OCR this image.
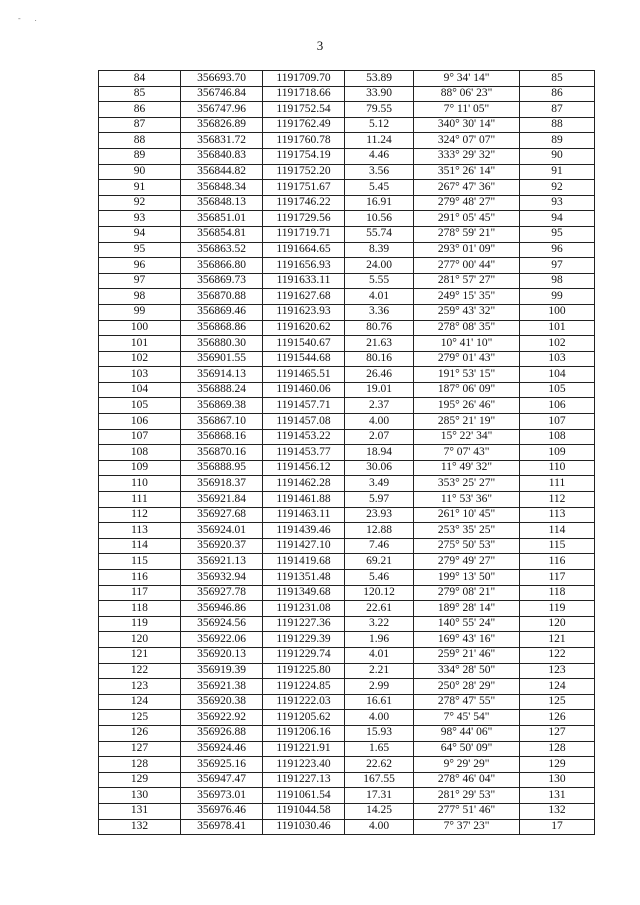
- .
3
84	356693.70	1191709.70	53.89	9° 34' 14"	85
85	356746.84	1191718.66	33.90	88° 06' 23"	86
86	356747.96	1191752.54	79.55	7° 11' 05"	87
87	356826.89	1191762.49	5.12	340° 30' 14"	88
88	356831.72	1191760.78	11.24	324° 07' 07"	89
89	356840.83	1191754.19	4.46	333° 29' 32"	90
90	356844.82	1191752.20	3.56	351° 26' 14"	91
91	356848.34	1191751.67	5.45	267° 47' 36"	92
92	356848.13	1191746.22	16.91	279° 48' 27"	93
93	356851.01	1191729.56	10.56	291° 05' 45"	94
94	356854.81	1191719.71	55.74	278° 59' 21"	95
95	356863.52	1191664.65	8.39	293° 01' 09"	96
96	356866.80	1191656.93	24.00	277° 00' 44"	97
97	356869.73	1191633.11	5.55	281° 57' 27"	98
98	356870.88	1191627.68	4.01	249° 15' 35"	99
99	356869.46	1191623.93	3.36	259° 43' 32"	100
100	356868.86	1191620.62	80.76	278° 08' 35"	101
101	356880.30	1191540.67	21.63	10° 41' 10"	102
102	356901.55	1191544.68	80.16	279° 01' 43"	103
103	356914.13	1191465.51	26.46	191° 53' 15"	104
104	356888.24	1191460.06	19.01	187° 06' 09"	105
105	356869.38	1191457.71	2.37	195° 26' 46"	106
106	356867.10	1191457.08	4.00	285° 21' 19"	107
107	356868.16	1191453.22	2.07	15° 22' 34"	108
108	356870.16	1191453.77	18.94	7° 07' 43"	109
109	356888.95	1191456.12	30.06	11° 49' 32"	110
110	356918.37	1191462.28	3.49	353° 25' 27"	111
111	356921.84	1191461.88	5.97	11° 53' 36"	112
112	356927.68	1191463.11	23.93	261° 10' 45"	113
113	356924.01	1191439.46	12.88	253° 35' 25"	114
114	356920.37	1191427.10	7.46	275° 50' 53"	115
115	356921.13	1191419.68	69.21	279° 49' 27"	116
116	356932.94	1191351.48	5.46	199° 13' 50"	117
117	356927.78	1191349.68	120.12	279° 08' 21"	118
118	356946.86	1191231.08	22.61	189° 28' 14"	119
119	356924.56	1191227.36	3.22	140° 55' 24"	120
120	356922.06	1191229.39	1.96	169° 43' 16"	121
121	356920.13	1191229.74	4.01	259° 21' 46"	122
122	356919.39	1191225.80	2.21	334° 28' 50"	123
123	356921.38	1191224.85	2.99	250° 28' 29"	124
124	356920.38	1191222.03	16.61	278° 47' 55"	125
125	356922.92	1191205.62	4.00	7° 45' 54"	126
126	356926.88	1191206.16	15.93	98° 44' 06"	127
127	356924.46	1191221.91	1.65	64° 50' 09"	128
128	356925.16	1191223.40	22.62	9° 29' 29"	129
129	356947.47	1191227.13	167.55	278° 46' 04"	130
130	356973.01	1191061.54	17.31	281° 29' 53"	131
131	356976.46	1191044.58	14.25	277° 51' 46"	132
132	356978.41	1191030.46	4.00	7° 37' 23"	17
